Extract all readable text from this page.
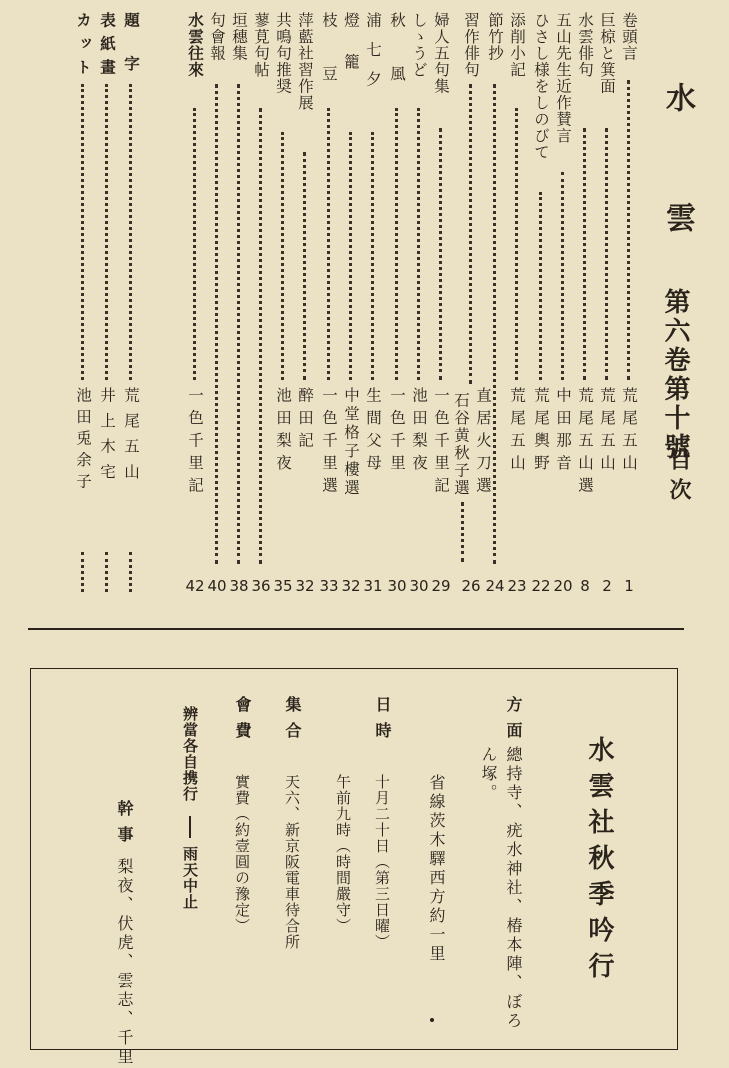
水雲
第六卷第十號
目次
卷頭言
荒尾五山
1
巨椋と箕面
荒尾五山
2
水雲俳句
荒尾五山選
8
五山先生近作賛言
中田那音
20
ひさし様をしのびて
荒尾輿野
22
添削小記
荒尾五山
23
節竹抄
24
習作俳句
直居火刀選
石谷黄秋子選
26
婦人五句集
一色千里記
29
しゝうど
池田梨夜
30
秋風
一色千里
30
浦七夕
生間父母
31
燈籠
中堂格子樓選
32
枝豆
一色千里選
33
萍藍社習作展
醉田記
32
共鳴句推奨
池田梨夜
35
蓼莧句帖
36
垣穗集
38
句會報
40
水雲往來
一色千里記
42
題字
荒尾五山
表紙畫
井上木宅
カット
池田兎余子
水雲社秋季吟行
方面
總持寺、疣水神社、椿本陣、ぼろ
ん塚。
省線茨木驛西方約一里
日時
十月二十日（第三日曜）
午前九時（時間嚴守）
集合
天六、新京阪電車待合所
會費
實費（約壹圓の豫定）
辨當各自携行
雨天中止
幹事
梨夜、伏虎、雲志、千里
